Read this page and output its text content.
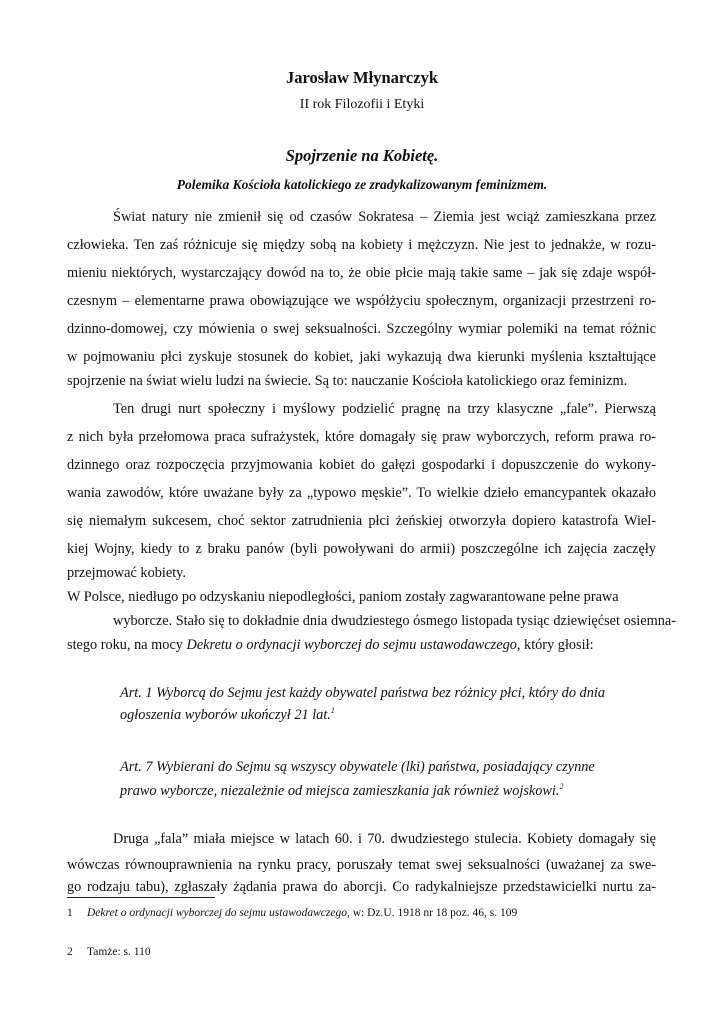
Jarosław Młynarczyk
II rok Filozofii i Etyki
Spojrzenie na Kobietę.
Polemika Kościoła katolickiego ze zradykalizowanym feminizmem.
Świat natury nie zmienił się od czasów Sokratesa – Ziemia jest wciąż zamieszkana przez
człowieka. Ten zaś różnicuje się między sobą na kobiety i mężczyzn. Nie jest to jednakże, w rozu-
mieniu niektórych, wystarczający dowód na to, że obie płcie mają takie same – jak się zdaje współ-
czesnym – elementarne prawa obowiązujące we współżyciu społecznym, organizacji przestrzeni ro-
dzinno-domowej, czy mówienia o swej seksualności. Szczególny wymiar polemiki na temat różnic
w pojmowaniu płci zyskuje stosunek do kobiet, jaki wykazują dwa kierunki myślenia kształtujące
spojrzenie na świat wielu ludzi na świecie. Są to: nauczanie Kościoła katolickiego oraz feminizm.
Ten drugi nurt społeczny i myślowy podzielić pragnę na trzy klasyczne „fale”. Pierwszą
z nich była przełomowa praca sufrażystek, które domagały się praw wyborczych, reform prawa ro-
dzinnego oraz rozpoczęcia przyjmowania kobiet do gałęzi gospodarki i dopuszczenie do wykony-
wania zawodów, które uważane były za „typowo męskie”. To wielkie dzieło emancypantek okazało
się niemałym sukcesem, choć sektor zatrudnienia płci żeńskiej otworzyła dopiero katastrofa Wiel-
kiej Wojny, kiedy to z braku panów (byli powoływani do armii) poszczególne ich zajęcia zaczęły
przejmować kobiety.
W Polsce, niedługo po odzyskaniu niepodległości, paniom zostały zagwarantowane pełne prawa
wyborcze. Stało się to dokładnie dnia dwudziestego ósmego listopada tysiąc dziewięćset osiemna-
stego roku, na mocy Dekretu o ordynacji wyborczej do sejmu ustawodawczego, który głosił:
Art. 1 Wyborcą do Sejmu jest każdy obywatel państwa bez różnicy płci, który do dnia
ogłoszenia wyborów ukończył 21 lat.$^1$
Art. 7 Wybierani do Sejmu są wszyscy obywatele (lki) państwa, posiadający czynne
prawo wyborcze, niezależnie od miejsca zamieszkania jak również wojskowi.$^2$
Druga „fala” miała miejsce w latach 60. i 70. dwudziestego stulecia. Kobiety domagały się
wówczas równouprawnienia na rynku pracy, poruszały temat swej seksualności (uważanej za swe-
go rodzaju tabu), zgłaszały żądania prawa do aborcji. Co radykalniejsze przedstawicielki nurtu za-
1 Dekret o ordynacji wyborczej do sejmu ustawodawczego, w: Dz.U. 1918 nr 18 poz. 46, s. 109
2 Tamże: s. 110
